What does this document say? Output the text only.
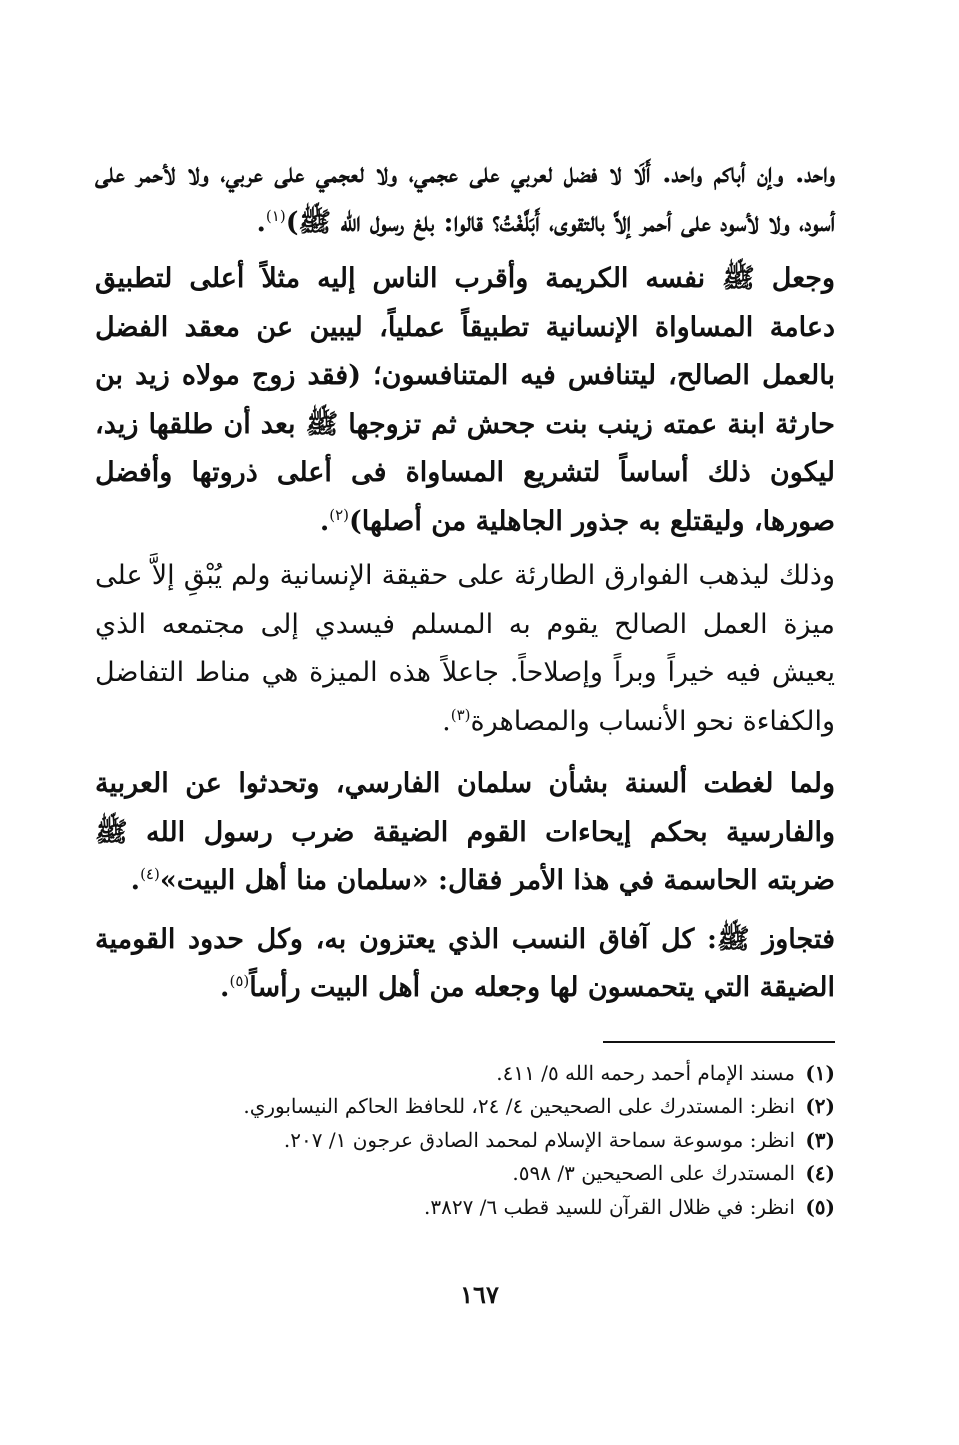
واحد. وإن أباكم واحد. أَلَا لا فضل لعربي على عجمي، ولا لعجمي على عربي، ولا لأحمر على أسود، ولا لأسود على أحمر إلاَّ بالتقوى، أَبَلَّغْتُ؟ قالوا: بلغ رسول الله ﷺ)$^{(١)}$.

وجعل ﷺ نفسه الكريمة وأقرب الناس إليه مثلاً أعلى لتطبيق دعامة المساواة الإنسانية تطبيقاً عملياً، ليبين عن معقد الفضل بالعمل الصالح، ليتنافس فيه المتنافسون؛ (فقد زوج مولاه زيد بن حارثة ابنة عمته زينب بنت جحش ثم تزوجها ﷺ بعد أن طلقها زيد، ليكون ذلك أساساً لتشريع المساواة فى أعلى ذروتها وأفضل صورها، وليقتلع به جذور الجاهلية من أصلها)$^{(٢)}$.

وذلك ليذهب الفوارق الطارئة على حقيقة الإنسانية ولم يُبْقِ إلاَّ على ميزة العمل الصالح يقوم به المسلم فيسدي إلى مجتمعه الذي يعيش فيه خيراً وبراً وإصلاحاً. جاعلاً هذه الميزة هي مناط التفاضل والكفاءة نحو الأنساب والمصاهرة$^{(٣)}$.

ولما لغطت ألسنة بشأن سلمان الفارسي، وتحدثوا عن العربية والفارسية بحكم إيحاءات القوم الضيقة ضرب رسول الله ﷺ ضربته الحاسمة في هذا الأمر فقال: «سلمان منا أهل البيت»$^{(٤)}$.

فتجاوز ﷺ: كل آفاق النسب الذي يعتزون به، وكل حدود القومية الضيقة التي يتحمسون لها وجعله من أهل البيت رأساً$^{(٥)}$.

(١)
مسند الإمام أحمد رحمه الله ٥/ ٤١١.
(٢)
انظر: المستدرك على الصحيحين ٤/ ٢٤، للحافظ الحاكم النيسابوري.
(٣)
انظر: موسوعة سماحة الإسلام لمحمد الصادق عرجون ١/ ٢٠٧.
(٤)
المستدرك على الصحيحين ٣/ ٥٩٨.
(٥)
انظر: في ظلال القرآن للسيد قطب ٦/ ٣٨٢٧.
١٦٧
